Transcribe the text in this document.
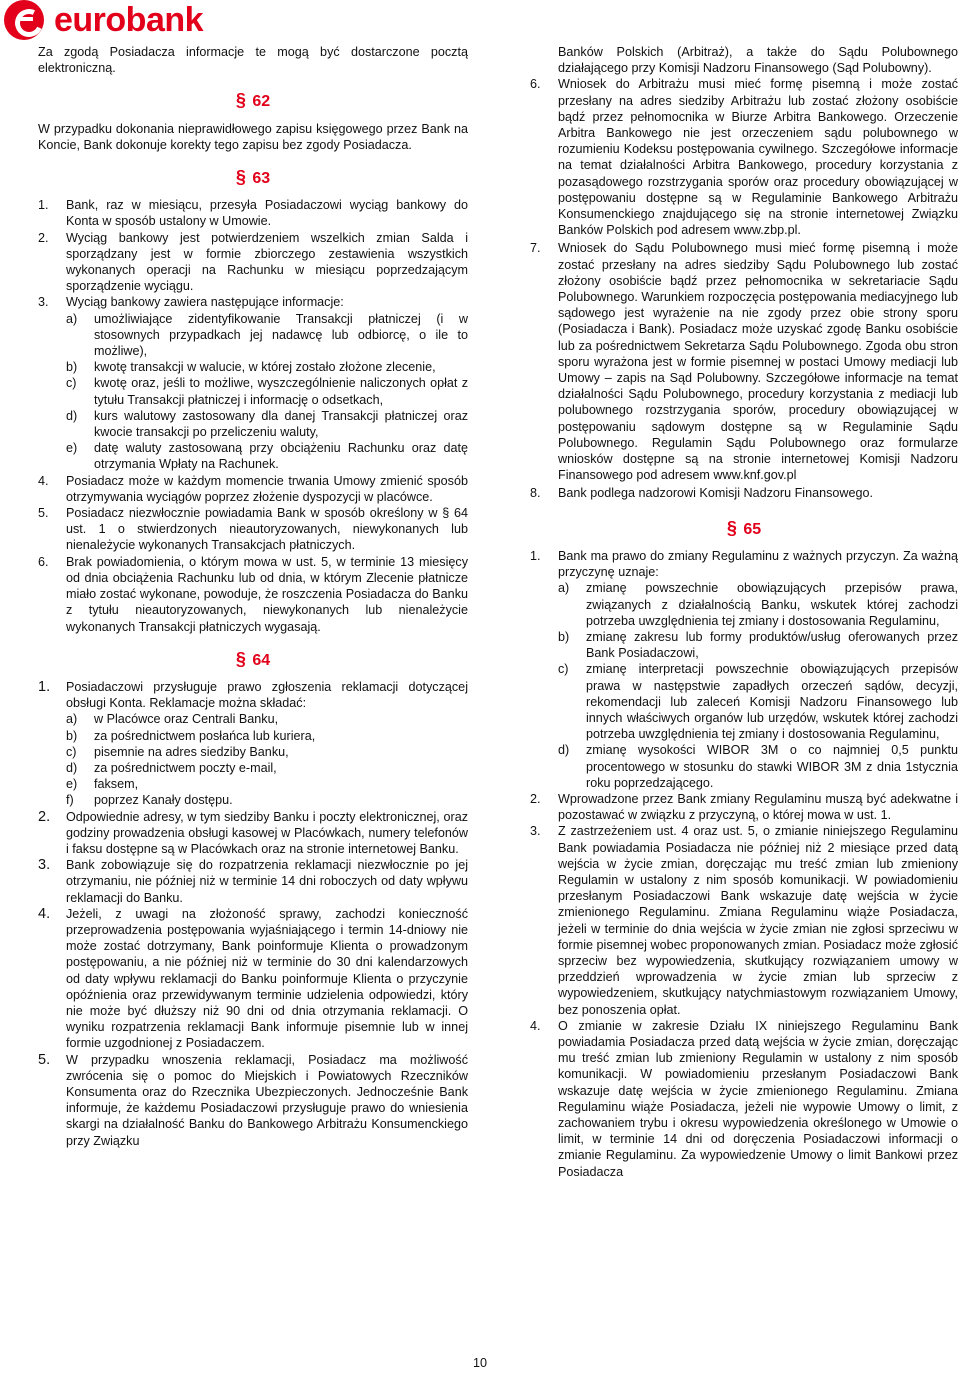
eurobank

Za zgodą Posiadacza informacje te mogą być dostarczone pocztą elektroniczną.

§ 62

W przypadku dokonania nieprawidłowego zapisu księgowego przez Bank na Koncie, Bank dokonuje korekty tego zapisu bez zgody Posiadacza.

§ 63
1.	Bank, raz w miesiącu, przesyła Posiadaczowi wyciąg bankowy do Konta w sposób ustalony w Umowie.
2.	Wyciąg bankowy jest potwierdzeniem wszelkich zmian Salda i sporządzany jest w formie zbiorczego zestawienia wszystkich wykonanych operacji na Rachunku w miesiącu poprzedzającym sporządzenie wyciągu.
3.	Wyciąg bankowy zawiera następujące informacje:
a)	umożliwiające zidentyfikowanie Transakcji płatniczej (i w stosownych przypadkach jej nadawcę lub odbiorcę, o ile to możliwe),
b)	kwotę transakcji w walucie, w której zostało złożone zlecenie,
c)	kwotę oraz, jeśli to możliwe, wyszczególnienie naliczonych opłat z tytułu Transakcji płatniczej i informację o odsetkach,
d)	kurs walutowy zastosowany dla danej Transakcji płatniczej oraz kwocie transakcji po przeliczeniu waluty,
e)	datę waluty zastosowaną przy obciążeniu Rachunku oraz datę otrzymania Wpłaty na Rachunek.
4.	Posiadacz może w każdym momencie trwania Umowy zmienić sposób otrzymywania wyciągów poprzez złożenie dyspozycji w placówce.
5.	Posiadacz niezwłocznie powiadamia Bank w sposób określony w § 64 ust. 1 o stwierdzonych nieautoryzowanych, niewykonanych lub nienależycie wykonanych Transakcjach płatniczych.
6.	Brak powiadomienia, o którym mowa w ust. 5, w terminie 13 miesięcy od dnia obciążenia Rachunku lub od dnia, w którym Zlecenie płatnicze miało zostać wykonane, powoduje, że roszczenia Posiadacza do Banku z tytułu nieautoryzowanych, niewykonanych lub nienależycie wykonanych Transakcji płatniczych wygasają.
§ 64
1.	Posiadaczowi przysługuje prawo zgłoszenia reklamacji dotyczącej obsługi Konta. Reklamacje można składać:
a)	w Placówce oraz Centrali Banku,
b)	za pośrednictwem posłańca lub kuriera,
c)	pisemnie na adres siedziby Banku,
d)	za pośrednictwem poczty e-mail,
e)	faksem,
f)	poprzez Kanały dostępu.
2.	Odpowiednie adresy, w tym siedziby Banku i poczty elektronicznej, oraz godziny prowadzenia obsługi kasowej w Placówkach, numery telefonów i faksu dostępne są w Placówkach oraz na stronie internetowej Banku.
3.	Bank zobowiązuje się do rozpatrzenia reklamacji niezwłocznie po jej otrzymaniu, nie później niż w terminie 14 dni roboczych od daty wpływu reklamacji do Banku.
4.	Jeżeli, z uwagi na złożoność sprawy, zachodzi konieczność przeprowadzenia postępowania wyjaśniającego i termin 14-dniowy nie może zostać dotrzymany, Bank poinformuje Klienta o prowadzonym postępowaniu, a nie później niż w terminie do 30 dni kalendarzowych od daty wpływu reklamacji do Banku poinformuje Klienta o przyczynie opóźnienia oraz przewidywanym terminie udzielenia odpowiedzi, który nie może być dłuższy niż 90 dni od dnia otrzymania reklamacji. O wyniku rozpatrzenia reklamacji Bank informuje pisemnie lub w innej formie uzgodnionej z Posiadaczem.
5.	W przypadku wnoszenia reklamacji, Posiadacz ma możliwość zwrócenia się o pomoc do Miejskich i Powiatowych Rzeczników Konsumenta oraz do Rzecznika Ubezpieczonych. Jednocześnie Bank informuje, że każdemu Posiadaczowi przysługuje prawo do wniesienia skargi na działalność Banku do Bankowego Arbitrażu Konsumenckiego przy Związku
Banków Polskich (Arbitraż), a także do Sądu Polubownego działającego przy Komisji Nadzoru Finansowego (Sąd Polubowny).
6.	Wniosek do Arbitrażu musi mieć formę pisemną i może zostać przesłany na adres siedziby Arbitrażu lub zostać złożony osobiście bądź przez pełnomocnika w Biurze Arbitra Bankowego. Orzeczenie Arbitra Bankowego nie jest orzeczeniem sądu polubownego w rozumieniu Kodeksu postępowania cywilnego. Szczegółowe informacje na temat działalności Arbitra Bankowego, procedury korzystania z pozasądowego rozstrzygania sporów oraz procedury obowiązującej w postępowaniu dostępne są w Regulaminie Bankowego Arbitrażu Konsumenckiego znajdującego się na stronie internetowej Związku Banków Polskich pod adresem www.zbp.pl.
7.	Wniosek do Sądu Polubownego musi mieć formę pisemną i może zostać przesłany na adres siedziby Sądu Polubownego lub zostać złożony osobiście bądź przez pełnomocnika w sekretariacie Sądu Polubownego. Warunkiem rozpoczęcia postępowania mediacyjnego lub sądowego jest wyrażenie na nie zgody przez obie strony sporu (Posiadacza i Bank). Posiadacz może uzyskać zgodę Banku osobiście lub za pośrednictwem Sekretarza Sądu Polubownego. Zgoda obu stron sporu wyrażona jest w formie pisemnej w postaci Umowy mediacji lub Umowy – zapis na Sąd Polubowny. Szczegółowe informacje na temat działalności Sądu Polubownego, procedury korzystania z mediacji lub polubownego rozstrzygania sporów, procedury obowiązującej w postępowaniu sądowym dostępne są w Regulaminie Sądu Polubownego. Regulamin Sądu Polubownego oraz formularze wniosków dostępne są na stronie internetowej Komisji Nadzoru Finansowego pod adresem www.knf.gov.pl
8.	Bank podlega nadzorowi Komisji Nadzoru Finansowego.
§ 65
1.	Bank ma prawo do zmiany Regulaminu z ważnych przyczyn. Za ważną przyczynę uznaje:
a)	zmianę powszechnie obowiązujących przepisów prawa, związanych z działalnością Banku, wskutek której zachodzi potrzeba uwzględnienia tej zmiany i dostosowania Regulaminu,
b)	zmianę zakresu lub formy produktów/usług oferowanych przez Bank Posiadaczowi,
c)	zmianę interpretacji powszechnie obowiązujących przepisów prawa w następstwie zapadłych orzeczeń sądów, decyzji, rekomendacji lub zaleceń Komisji Nadzoru Finansowego lub innych właściwych organów lub urzędów, wskutek której zachodzi potrzeba uwzględnienia tej zmiany i dostosowania Regulaminu,
d)	zmianę wysokości WIBOR 3M o co najmniej 0,5 punktu procentowego w stosunku do stawki WIBOR 3M z dnia 1stycznia roku poprzedzającego.
2.	Wprowadzone przez Bank zmiany Regulaminu muszą być adekwatne i pozostawać w związku z przyczyną, o której mowa w ust. 1.
3.	Z zastrzeżeniem ust. 4 oraz ust. 5, o zmianie niniejszego Regulaminu Bank powiadamia Posiadacza nie później niż 2 miesiące przed datą wejścia w życie zmian, doręczając mu treść zmian lub zmieniony Regulamin w ustalony z nim sposób komunikacji. W powiadomieniu przesłanym Posiadaczowi Bank wskazuje datę wejścia w życie zmienionego Regulaminu. Zmiana Regulaminu wiąże Posiadacza, jeżeli w terminie do dnia wejścia w życie zmian nie zgłosi sprzeciwu w formie pisemnej wobec proponowanych zmian. Posiadacz może zgłosić sprzeciw bez wypowiedzenia, skutkujący rozwiązaniem umowy w przeddzień wprowadzenia w życie zmian lub sprzeciw z wypowiedzeniem, skutkujący natychmiastowym rozwiązaniem Umowy, bez ponoszenia opłat.
4.	O zmianie w zakresie Działu IX niniejszego Regulaminu Bank powiadamia Posiadacza przed datą wejścia w życie zmian, doręczając mu treść zmian lub zmieniony Regulamin w ustalony z nim sposób komunikacji. W powiadomieniu przesłanym Posiadaczowi Bank wskazuje datę wejścia w życie zmienionego Regulaminu. Zmiana Regulaminu wiąże Posiadacza, jeżeli nie wypowie Umowy o limit, z zachowaniem trybu i okresu wypowiedzenia określonego w Umowie o limit, w terminie 14 dni od doręczenia Posiadaczowi informacji o zmianie Regulaminu. Za wypowiedzenie Umowy o limit Bankowi przez Posiadacza
10
